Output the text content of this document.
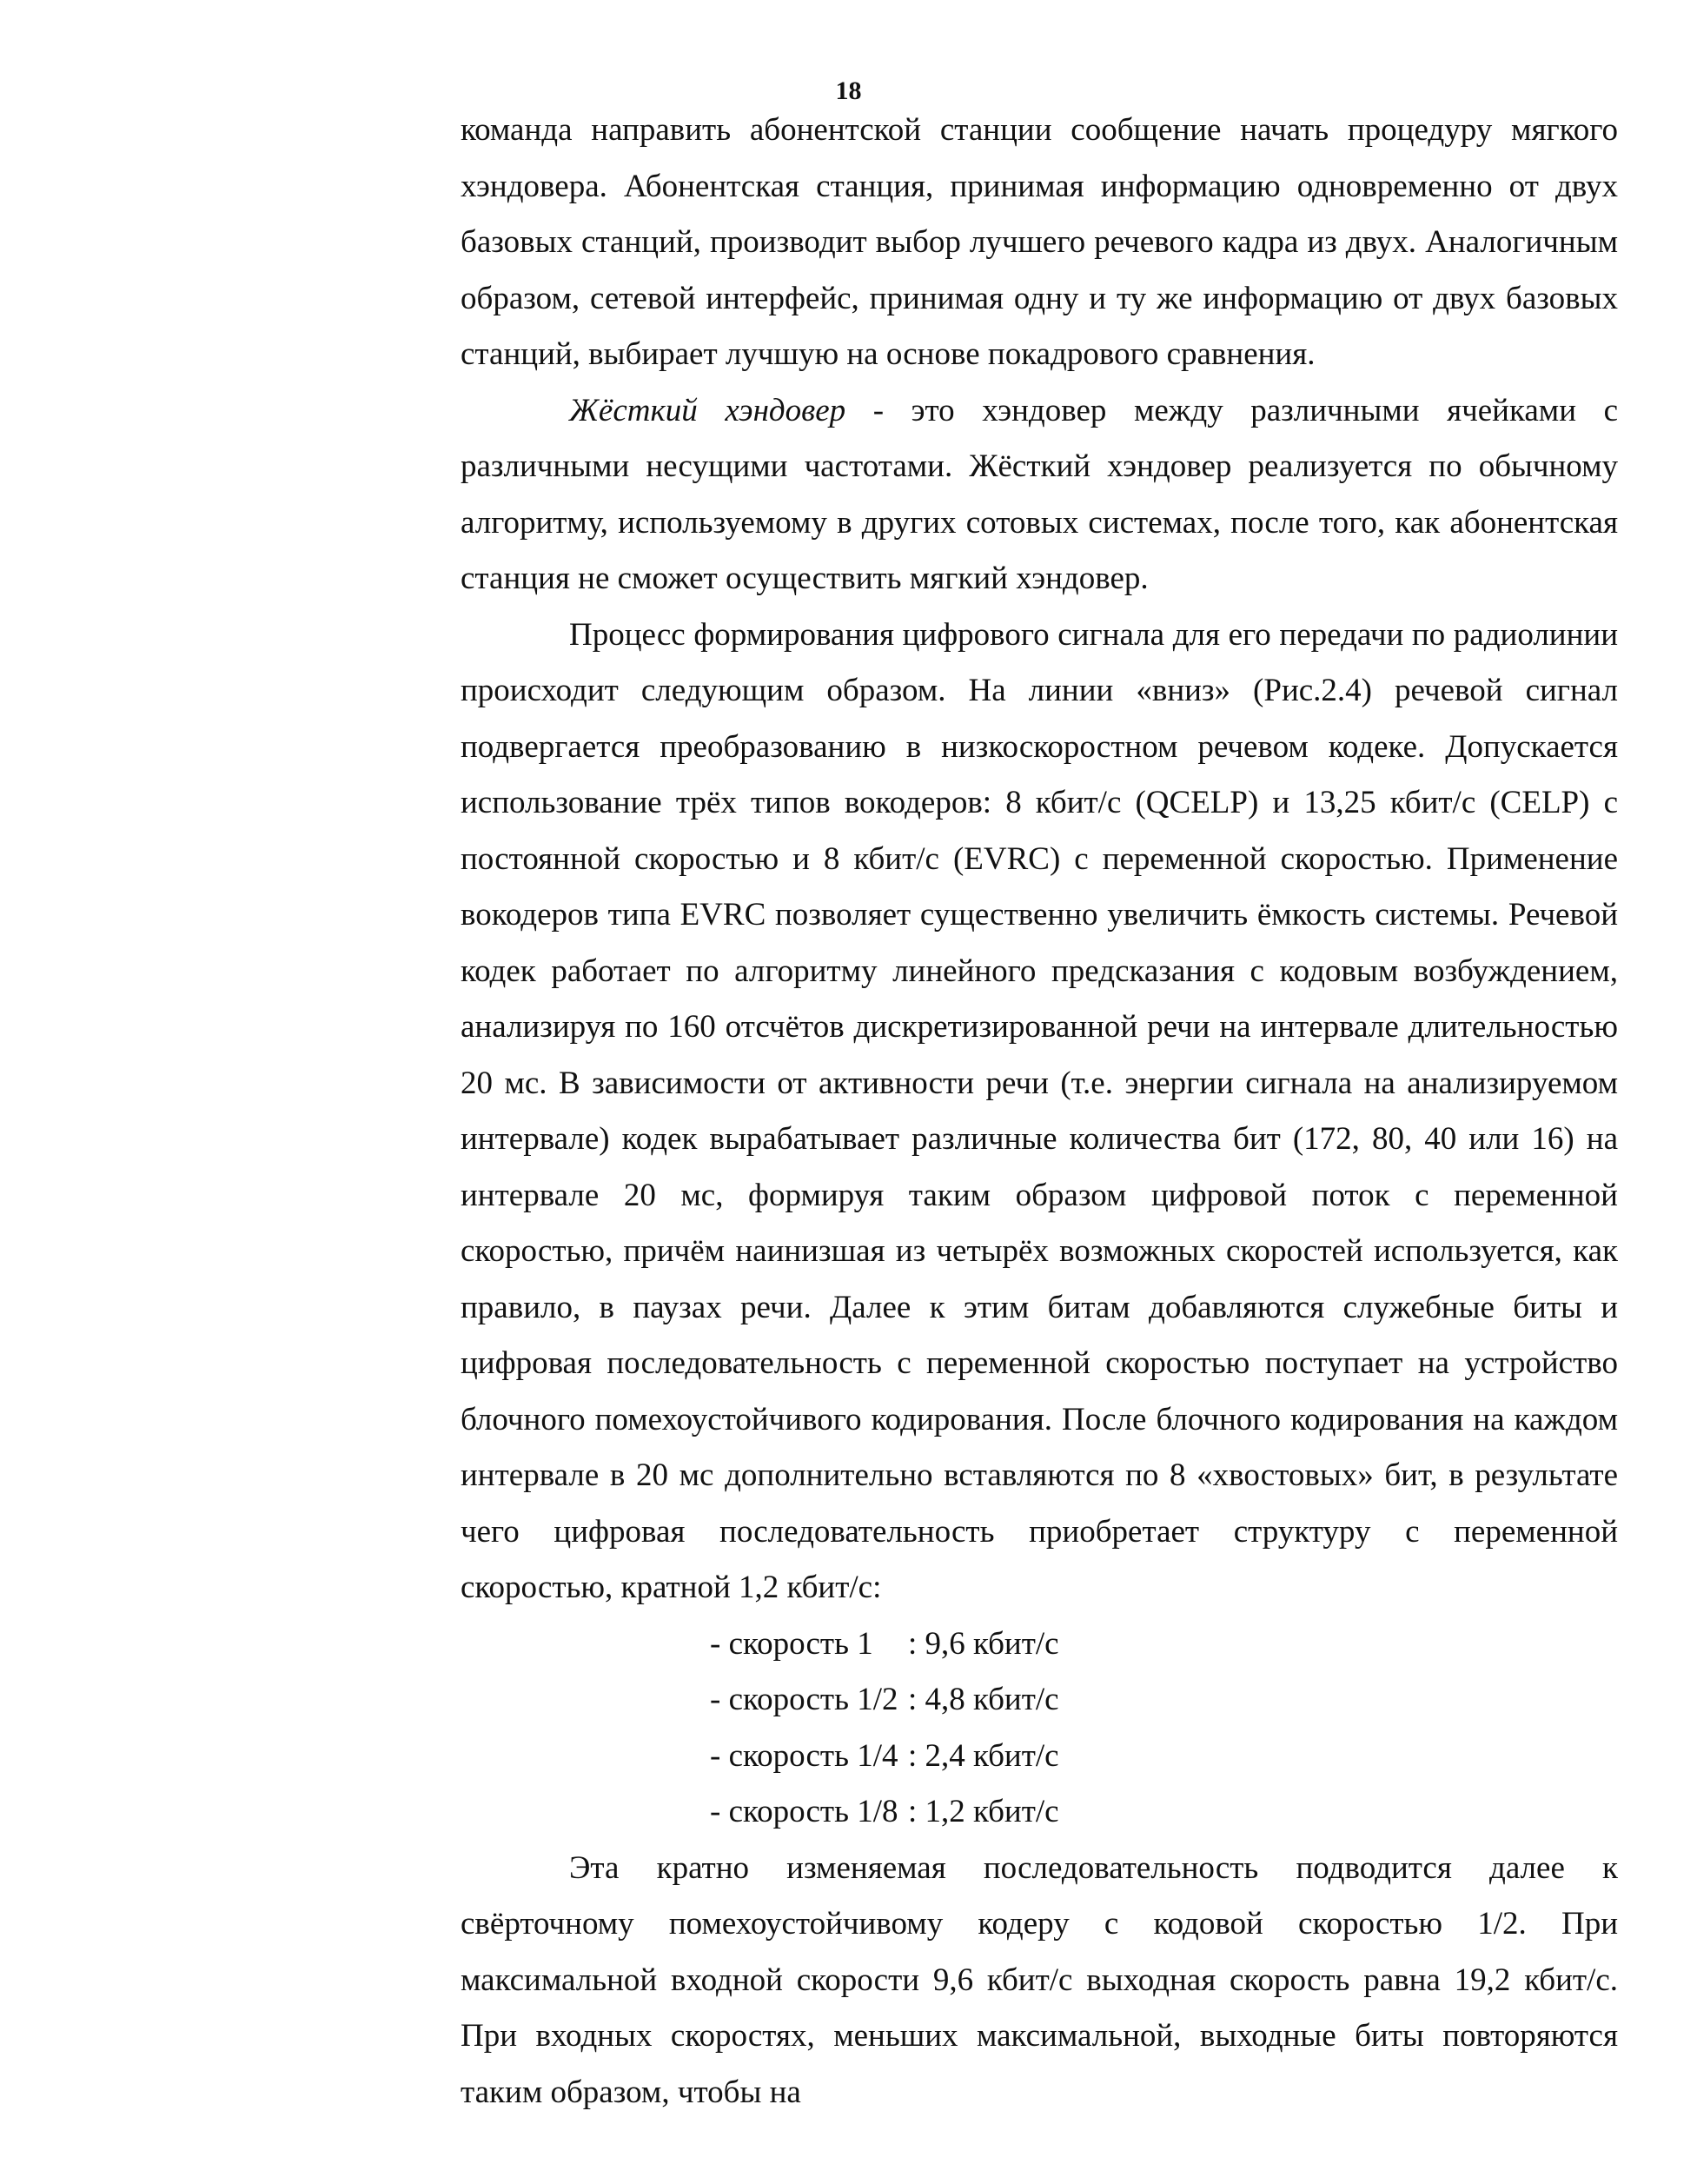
18

команда направить абонентской станции сообщение начать процедуру мягкого хэндовера. Абонентская станция, принимая информацию одновременно от двух базовых станций, производит выбор лучшего речевого кадра из двух. Аналогичным образом, сетевой интерфейс, принимая одну и ту же информацию от двух базовых станций, выбирает лучшую на основе покадрового сравнения.

Жёсткий хэндовер - это хэндовер между различными ячейками с различными несущими частотами. Жёсткий хэндовер реализуется по обычному алгоритму, используемому в других сотовых системах, после того, как абонентская станция не сможет осуществить мягкий хэндовер.

Процесс формирования цифрового сигнала для его передачи по радиолинии происходит следующим образом. На линии «вниз» (Рис.2.4) речевой сигнал подвергается преобразованию в низкоскоростном речевом кодеке. Допускается использование трёх типов вокодеров: 8 кбит/с (QCELP) и 13,25 кбит/с (CELP) с постоянной скоростью и 8 кбит/с (EVRC) с переменной скоростью. Применение вокодеров типа EVRC позволяет существенно увеличить ёмкость системы. Речевой кодек работает по алгоритму линейного предсказания с кодовым возбуждением, анализируя по 160 отсчётов дискретизированной речи на интервале длительностью 20 мс. В зависимости от активности речи (т.е. энергии сигнала на анализируемом интервале) кодек вырабатывает различные количества бит (172, 80, 40 или 16) на интервале 20 мс, формируя таким образом цифровой поток с переменной скоростью, причём наинизшая из четырёх возможных скоростей используется, как правило, в паузах речи. Далее к этим битам добавляются служебные биты и цифровая последовательность с переменной скоростью поступает на устройство блочного помехоустойчивого кодирования. После блочного кодирования на каждом интервале в 20 мс дополнительно вставляются по 8 «хвостовых» бит, в результате чего цифровая последовательность приобретает структуру с переменной скоростью, кратной 1,2 кбит/с:

- скорость 1	: 9,6 кбит/с
- скорость 1/2 : 4,8 кбит/с
- скорость 1/4 : 2,4 кбит/с
- скорость 1/8 : 1,2 кбит/с

Эта кратно изменяемая последовательность подводится далее к свёрточному помехоустойчивому кодеру с кодовой скоростью 1/2. При максимальной входной скорости 9,6 кбит/с выходная скорость равна 19,2 кбит/с. При входных скоростях, меньших максимальной, выходные биты повторяются таким образом, чтобы на
